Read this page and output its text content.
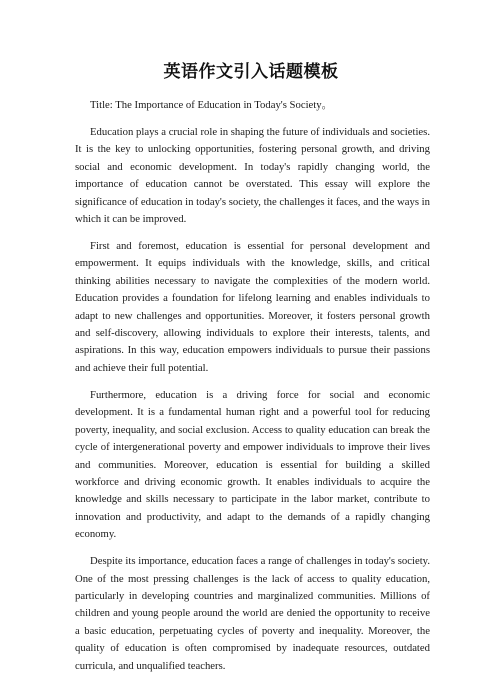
英语作文引入话题模板

Title: The Importance of Education in Today's Society。

Education plays a crucial role in shaping the future of individuals and societies. It is the key to unlocking opportunities, fostering personal growth, and driving social and economic development. In today's rapidly changing world, the importance of education cannot be overstated. This essay will explore the significance of education in today's society, the challenges it faces, and the ways in which it can be improved.

First and foremost, education is essential for personal development and empowerment. It equips individuals with the knowledge, skills, and critical thinking abilities necessary to navigate the complexities of the modern world. Education provides a foundation for lifelong learning and enables individuals to adapt to new challenges and opportunities. Moreover, it fosters personal growth and self-discovery, allowing individuals to explore their interests, talents, and aspirations. In this way, education empowers individuals to pursue their passions and achieve their full potential.

Furthermore, education is a driving force for social and economic development. It is a fundamental human right and a powerful tool for reducing poverty, inequality, and social exclusion. Access to quality education can break the cycle of intergenerational poverty and empower individuals to improve their lives and communities. Moreover, education is essential for building a skilled workforce and driving economic growth. It enables individuals to acquire the knowledge and skills necessary to participate in the labor market, contribute to innovation and productivity, and adapt to the demands of a rapidly changing economy.

Despite its importance, education faces a range of challenges in today's society. One of the most pressing challenges is the lack of access to quality education, particularly in developing countries and marginalized communities. Millions of children and young people around the world are denied the opportunity to receive a basic education, perpetuating cycles of poverty and inequality. Moreover, the quality of education is often compromised by inadequate resources, outdated curricula, and unqualified teachers.
